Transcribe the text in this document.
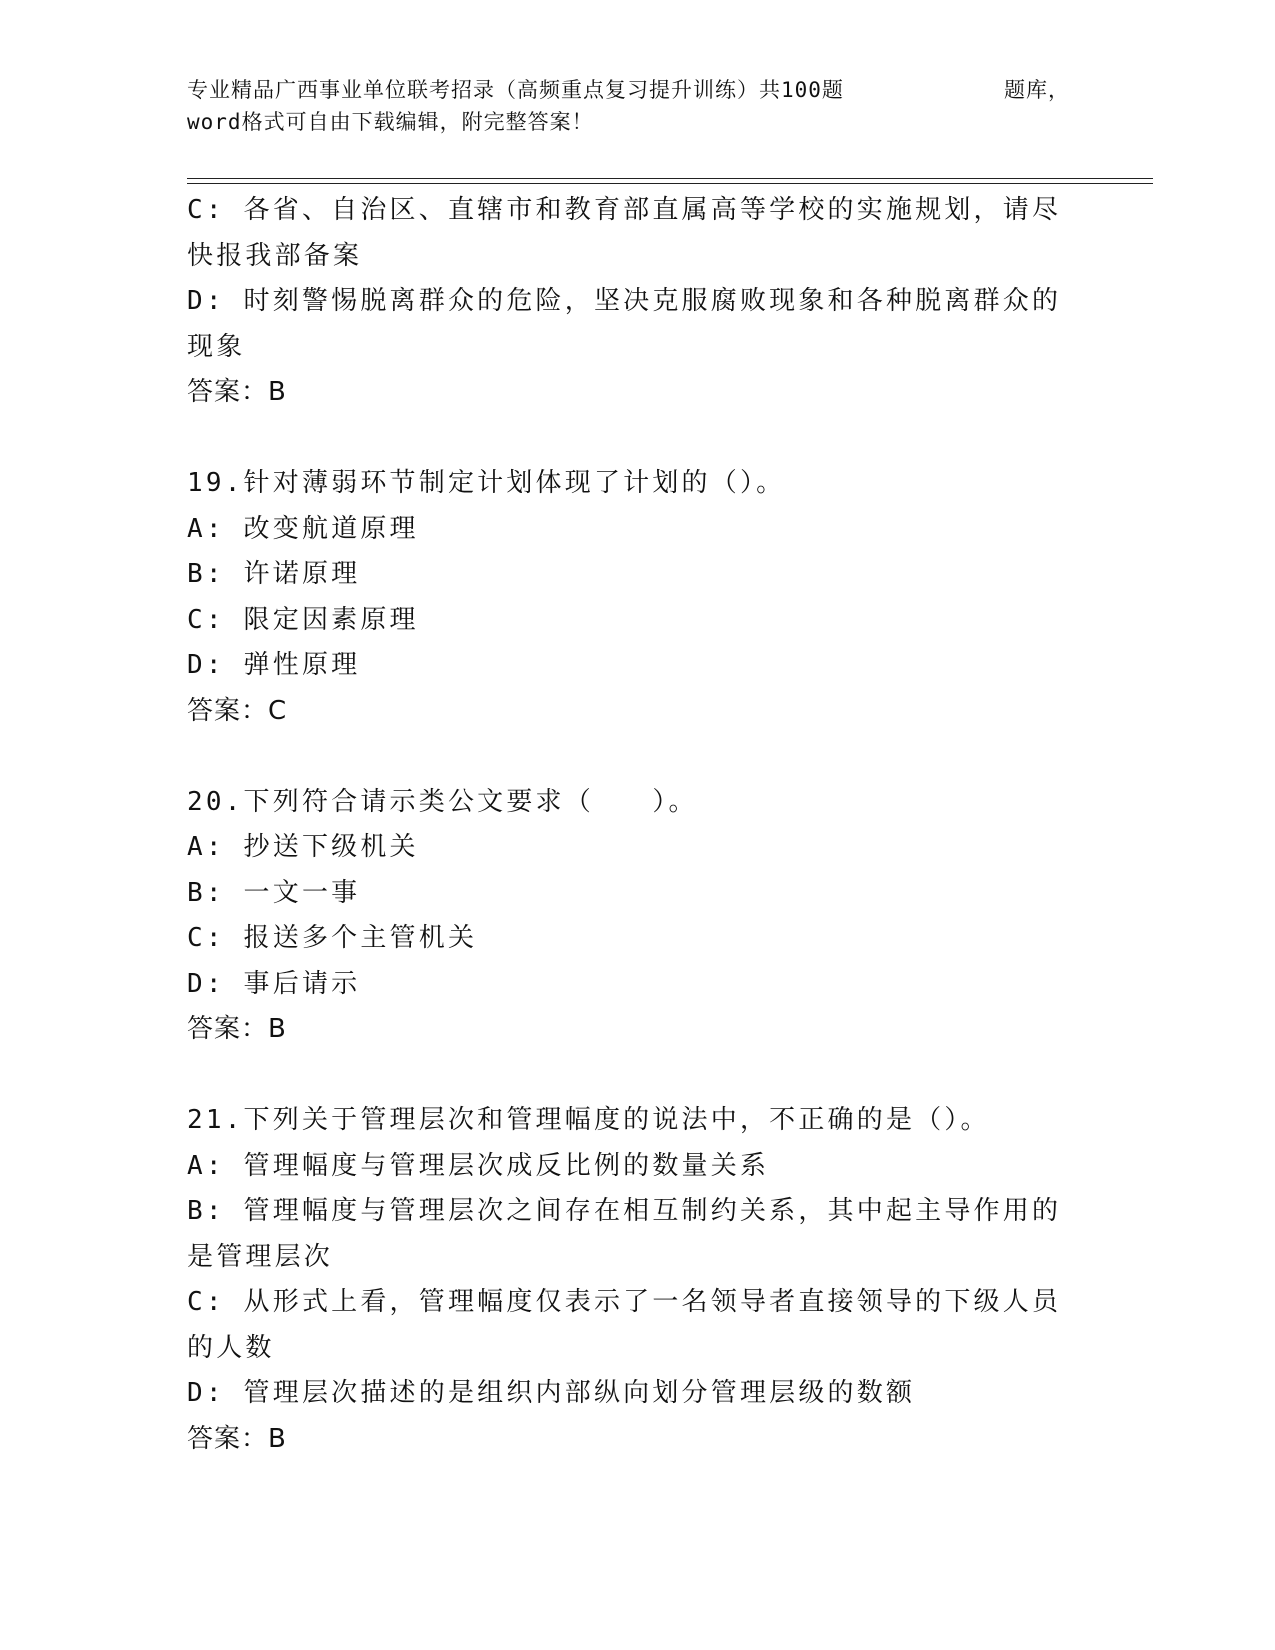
专业精品广西事业单位联考招录（高频重点复习提升训练）共100题	题库，
word格式可自由下载编辑，附完整答案！

C: 各省、自治区、直辖市和教育部直属高等学校的实施规划，请尽快报我部备案

D: 时刻警惕脱离群众的危险，坚决克服腐败现象和各种脱离群众的现象

答案：B

19.针对薄弱环节制定计划体现了计划的（）。

A: 改变航道原理

B: 许诺原理

C: 限定因素原理

D: 弹性原理

答案：C

20.下列符合请示类公文要求（　　）。

A: 抄送下级机关

B: 一文一事

C: 报送多个主管机关

D: 事后请示

答案：B

21.下列关于管理层次和管理幅度的说法中，不正确的是（）。

A: 管理幅度与管理层次成反比例的数量关系

B: 管理幅度与管理层次之间存在相互制约关系，其中起主导作用的是管理层次

C: 从形式上看，管理幅度仅表示了一名领导者直接领导的下级人员的人数

D: 管理层次描述的是组织内部纵向划分管理层级的数额

答案：B
